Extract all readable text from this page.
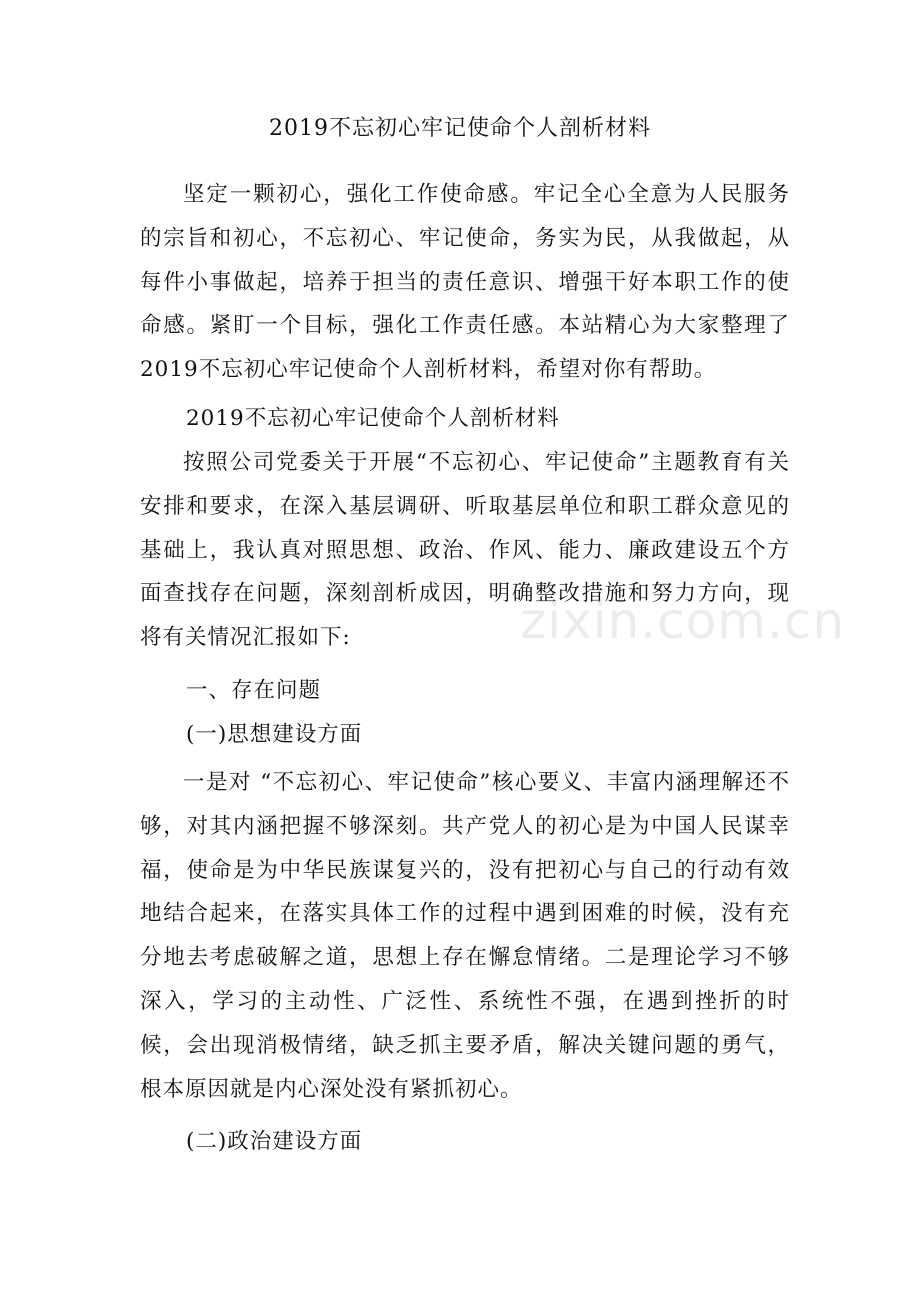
2019不忘初心牢记使命个人剖析材料

坚定一颗初心，强化工作使命感。牢记全心全意为人民服务的宗旨和初心，不忘初心、牢记使命，务实为民，从我做起，从每件小事做起，培养于担当的责任意识、增强干好本职工作的使命感。紧盯一个目标，强化工作责任感。本站精心为大家整理了2019不忘初心牢记使命个人剖析材料，希望对你有帮助。

2019不忘初心牢记使命个人剖析材料

按照公司党委关于开展“不忘初心、牢记使命”主题教育有关安排和要求，在深入基层调研、听取基层单位和职工群众意见的基础上，我认真对照思想、政治、作风、能力、廉政建设五个方面查找存在问题，深刻剖析成因，明确整改措施和努力方向，现将有关情况汇报如下:

一、存在问题

(一)思想建设方面

一是对 “不忘初心、牢记使命”核心要义、丰富内涵理解还不够，对其内涵把握不够深刻。共产党人的初心是为中国人民谋幸福，使命是为中华民族谋复兴的，没有把初心与自己的行动有效地结合起来，在落实具体工作的过程中遇到困难的时候，没有充分地去考虑破解之道，思想上存在懈怠情绪。二是理论学习不够深入，学习的主动性、广泛性、系统性不强，在遇到挫折的时候，会出现消极情绪，缺乏抓主要矛盾，解决关键问题的勇气，根本原因就是内心深处没有紧抓初心。

(二)政治建设方面

zixin.com.cn
